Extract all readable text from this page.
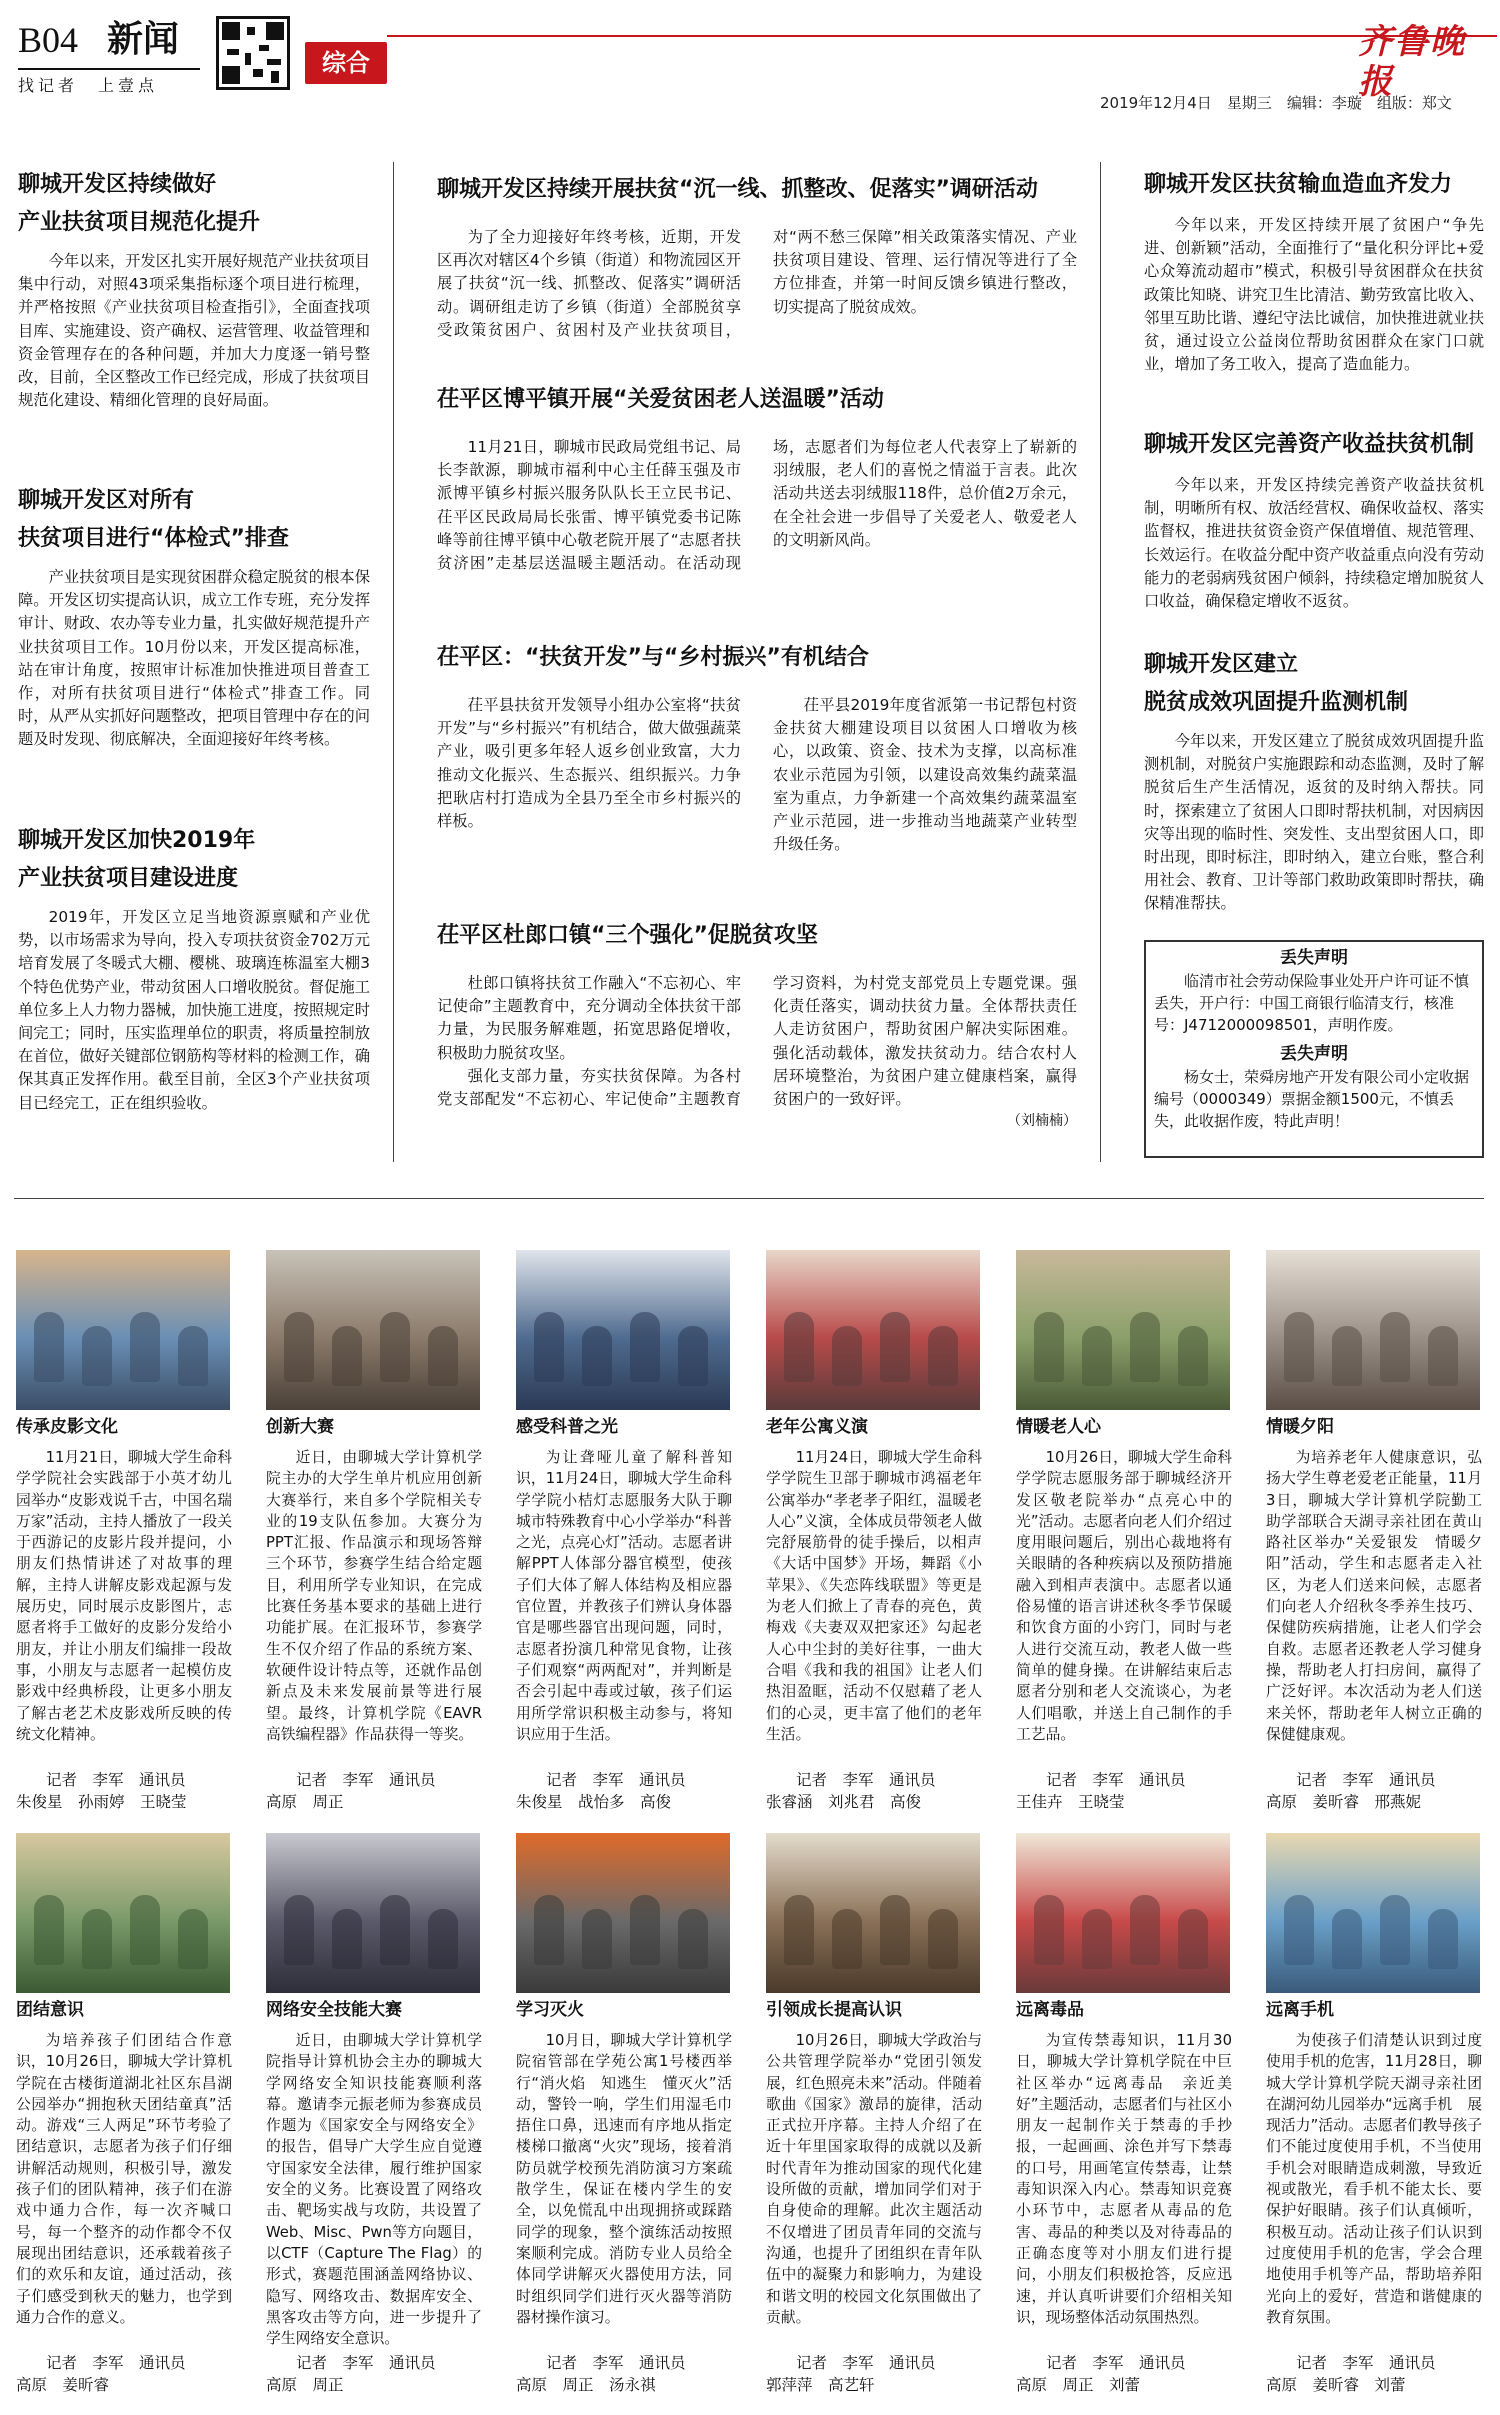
B04 新闻
找记者　上壹点
综合
齐鲁晚报
2019年12月4日　 星期三　 编辑：李璇　 组版：郑文
聊城开发区持续做好
产业扶贫项目规范化提升
今年以来，开发区扎实开展好规范产业扶贫项目集中行动，对照43项采集指标逐个项目进行梳理，并严格按照《产业扶贫项目检查指引》，全面查找项目库、实施建设、资产确权、运营管理、收益管理和资金管理存在的各种问题，并加大力度逐一销号整改，目前，全区整改工作已经完成，形成了扶贫项目规范化建设、精细化管理的良好局面。
聊城开发区对所有
扶贫项目进行“体检式”排查
产业扶贫项目是实现贫困群众稳定脱贫的根本保障。开发区切实提高认识，成立工作专班，充分发挥审计、财政、农办等专业力量，扎实做好规范提升产业扶贫项目工作。10月份以来，开发区提高标准，站在审计角度，按照审计标准加快推进项目普查工作，对所有扶贫项目进行“体检式”排查工作。同时，从严从实抓好问题整改，把项目管理中存在的问题及时发现、彻底解决，全面迎接好年终考核。
聊城开发区加快2019年
产业扶贫项目建设进度
2019年，开发区立足当地资源禀赋和产业优势，以市场需求为导向，投入专项扶贫资金702万元培育发展了冬暖式大棚、樱桃、玻璃连栋温室大棚3个特色优势产业，带动贫困人口增收脱贫。督促施工单位多上人力物力器械，加快施工进度，按照规定时间完工；同时，压实监理单位的职责，将质量控制放在首位，做好关键部位钢筋构等材料的检测工作，确保其真正发挥作用。截至目前，全区3个产业扶贫项目已经完工，正在组织验收。
聊城开发区持续开展扶贫“沉一线、抓整改、促落实”调研活动
为了全力迎接好年终考核，近期，开发区再次对辖区4个乡镇（街道）和物流园区开展了扶贫“沉一线、抓整改、促落实”调研活动。调研组走访了乡镇（街道）全部脱贫享受政策贫困户、贫困村及产业扶贫项目，对“两不愁三保障”相关政策落实情况、产业扶贫项目建设、管理、运行情况等进行了全方位排查，并第一时间反馈乡镇进行整改，切实提高了脱贫成效。
茌平区博平镇开展“关爱贫困老人送温暖”活动
11月21日，聊城市民政局党组书记、局长李歆源，聊城市福利中心主任薛玉强及市派博平镇乡村振兴服务队队长王立民书记、茌平区民政局局长张雷、博平镇党委书记陈峰等前往博平镇中心敬老院开展了“志愿者扶贫济困”走基层送温暖主题活动。在活动现场，志愿者们为每位老人代表穿上了崭新的羽绒服，老人们的喜悦之情溢于言表。此次活动共送去羽绒服118件，总价值2万余元，在全社会进一步倡导了关爱老人、敬爱老人的文明新风尚。
茌平区：“扶贫开发”与“乡村振兴”有机结合

茌平县扶贫开发领导小组办公室将“扶贫开发”与“乡村振兴”有机结合，做大做强蔬菜产业，吸引更多年轻人返乡创业致富，大力推动文化振兴、生态振兴、组织振兴。力争把耿店村打造成为全县乃至全市乡村振兴的样板。

茌平县2019年度省派第一书记帮包村资金扶贫大棚建设项目以贫困人口增收为核心，以政策、资金、技术为支撑，以高标准农业示范园为引领，以建设高效集约蔬菜温室为重点，力争新建一个高效集约蔬菜温室产业示范园，进一步推动当地蔬菜产业转型升级任务。

茌平区杜郎口镇“三个强化”促脱贫攻坚

杜郎口镇将扶贫工作融入“不忘初心、牢记使命”主题教育中，充分调动全体扶贫干部力量，为民服务解难题，拓宽思路促增收，积极助力脱贫攻坚。

强化支部力量，夯实扶贫保障。为各村党支部配发“不忘初心、牢记使命”主题教育学习资料，为村党支部党员上专题党课。强化责任落实，调动扶贫力量。全体帮扶责任人走访贫困户，帮助贫困户解决实际困难。强化活动载体，激发扶贫动力。结合农村人居环境整治，为贫困户建立健康档案，赢得贫困户的一致好评。

（刘楠楠）

聊城开发区扶贫输血造血齐发力
今年以来，开发区持续开展了贫困户“争先进、创新颖”活动，全面推行了“量化积分评比+爱心众筹流动超市”模式，积极引导贫困群众在扶贫政策比知晓、讲究卫生比清洁、勤劳致富比收入、邻里互助比谐、遵纪守法比诚信，加快推进就业扶贫，通过设立公益岗位帮助贫困群众在家门口就业，增加了务工收入，提高了造血能力。
聊城开发区完善资产收益扶贫机制
今年以来，开发区持续完善资产收益扶贫机制，明晰所有权、放活经营权、确保收益权、落实监督权，推进扶贫资金资产保值增值、规范管理、长效运行。在收益分配中资产收益重点向没有劳动能力的老弱病残贫困户倾斜，持续稳定增加脱贫人口收益，确保稳定增收不返贫。
聊城开发区建立
脱贫成效巩固提升监测机制
今年以来，开发区建立了脱贫成效巩固提升监测机制，对脱贫户实施跟踪和动态监测，及时了解脱贫后生产生活情况，返贫的及时纳入帮扶。同时，探索建立了贫困人口即时帮扶机制，对因病因灾等出现的临时性、突发性、支出型贫困人口，即时出现，即时标注，即时纳入，建立台账，整合利用社会、教育、卫计等部门救助政策即时帮扶，确保精准帮扶。
丢失声明
临清市社会劳动保险事业处开户许可证不慎丢失，开户行：中国工商银行临清支行，核准号：J4712000098501，声明作废。
丢失声明
杨女士，荣舜房地产开发有限公司小定收据编号（0000349）票据金额1500元，不慎丢失，此收据作废，特此声明！
传承皮影文化
11月21日，聊城大学生命科学学院社会实践部于小英才幼儿园举办“皮影戏说千古，中国名瑞万家”活动，主持人播放了一段关于西游记的皮影片段并提问，小朋友们热情讲述了对故事的理解，主持人讲解皮影戏起源与发展历史，同时展示皮影图片，志愿者将手工做好的皮影分发给小朋友，并让小朋友们编排一段故事，小朋友与志愿者一起模仿皮影戏中经典桥段，让更多小朋友了解古老艺术皮影戏所反映的传统文化精神。
记者　李军　通讯员
朱俊星　孙雨婷　王晓莹
创新大赛
近日，由聊城大学计算机学院主办的大学生单片机应用创新大赛举行，来自多个学院相关专业的19支队伍参加。大赛分为PPT汇报、作品演示和现场答辩三个环节，参赛学生结合给定题目，利用所学专业知识，在完成比赛任务基本要求的基础上进行功能扩展。在汇报环节，参赛学生不仅介绍了作品的系统方案、软硬件设计特点等，还就作品创新点及未来发展前景等进行展望。最终，计算机学院《EAVR高铁编程器》作品获得一等奖。
记者　李军　通讯员
高原　周正
感受科普之光
为让聋哑儿童了解科普知识，11月24日，聊城大学生命科学学院小桔灯志愿服务大队于聊城市特殊教育中心小学举办“科普之光，点亮心灯”活动。志愿者讲解PPT人体部分器官模型，使孩子们大体了解人体结构及相应器官位置，并教孩子们辨认身体器官是哪些器官出现问题，同时，志愿者扮演几种常见食物，让孩子们观察“两两配对”，并判断是否会引起中毒或过敏，孩子们运用所学常识积极主动参与，将知识应用于生活。
记者　李军　通讯员
朱俊星　战怡多　高俊
老年公寓义演
11月24日，聊城大学生命科学学院生卫部于聊城市鸿福老年公寓举办“孝老孝子阳红，温暖老人心”义演，全体成员带领老人做完舒展筋骨的徒手操后，以相声《大话中国梦》开场，舞蹈《小苹果》、《失恋阵线联盟》等更是为老人们掀上了青春的亮色，黄梅戏《夫妻双双把家还》勾起老人心中尘封的美好往事，一曲大合唱《我和我的祖国》让老人们热泪盈眶，活动不仅慰藉了老人们的心灵，更丰富了他们的老年生活。
记者　李军　通讯员
张睿涵　刘兆君　高俊
情暖老人心
10月26日，聊城大学生命科学学院志愿服务部于聊城经济开发区敬老院举办“点亮心中的光”活动。志愿者向老人们介绍过度用眼问题后，别出心裁地将有关眼睛的各种疾病以及预防措施融入到相声表演中。志愿者以通俗易懂的语言讲述秋冬季节保暖和饮食方面的小窍门，同时与老人进行交流互动，教老人做一些简单的健身操。在讲解结束后志愿者分别和老人交流谈心，为老人们唱歌，并送上自己制作的手工艺品。
记者　李军　通讯员
王佳卉　王晓莹
情暖夕阳
为培养老年人健康意识，弘扬大学生尊老爱老正能量，11月3日，聊城大学计算机学院勤工助学部联合天湖寻亲社团在黄山路社区举办“关爱银发　情暖夕阳”活动，学生和志愿者走入社区，为老人们送来问候，志愿者们向老人介绍秋冬季养生技巧、保健防疾病措施，让老人们学会自救。志愿者还教老人学习健身操，帮助老人打扫房间，赢得了广泛好评。本次活动为老人们送来关怀，帮助老年人树立正确的保健健康观。
记者　李军　通讯员
高原　姜昕睿　邢燕妮
团结意识
为培养孩子们团结合作意识，10月26日，聊城大学计算机学院在古楼街道湖北社区东昌湖公园举办“拥抱秋天团结童真”活动。游戏“三人两足”环节考验了团结意识，志愿者为孩子们仔细讲解活动规则，积极引导，激发孩子们的团队精神，孩子们在游戏中通力合作，每一次齐喊口号，每一个整齐的动作都令不仅展现出团结意识，还承载着孩子们的欢乐和友谊，通过活动，孩子们感受到秋天的魅力，也学到通力合作的意义。
记者　李军　通讯员
高原　姜昕睿
网络安全技能大赛
近日，由聊城大学计算机学院指导计算机协会主办的聊城大学网络安全知识技能赛顺利落幕。邀请李元振老师为参赛成员作题为《国家安全与网络安全》的报告，倡导广大学生应自觉遵守国家安全法律，履行维护国家安全的义务。比赛设置了网络攻击、靶场实战与攻防，共设置了Web、Misc、Pwn等方向题目，以CTF（Capture The Flag）的形式，赛题范围涵盖网络协议、隐写、网络攻击、数据库安全、黑客攻击等方向，进一步提升了学生网络安全意识。
记者　李军　通讯员
高原　周正
学习灭火
10月日，聊城大学计算机学院宿管部在学苑公寓1号楼西举行“消火焰　知逃生　懂灭火”活动，警铃一响，学生们用湿毛巾捂住口鼻，迅速而有序地从指定楼梯口撤离“火灾”现场，接着消防员就学校预先消防演习方案疏散学生，保证在楼内学生的安全，以免慌乱中出现拥挤或踩踏同学的现象，整个演练活动按照案顺利完成。消防专业人员给全体同学讲解灭火器使用方法，同时组织同学们进行灭火器等消防器材操作演习。
记者　李军　通讯员
高原　周正　汤永祺
引领成长提高认识
10月26日，聊城大学政治与公共管理学院举办“党团引领发展，红色照亮未来”活动。伴随着歌曲《国家》激昂的旋律，活动正式拉开序幕。主持人介绍了在近十年里国家取得的成就以及新时代青年为推动国家的现代化建设所做的贡献，增加同学们对于自身使命的理解。此次主题活动不仅增进了团员青年同的交流与沟通，也提升了团组织在青年队伍中的凝聚力和影响力，为建设和谐文明的校园文化氛围做出了贡献。
记者　李军　通讯员
郭萍萍　高艺轩
远离毒品
为宣传禁毒知识，11月30日，聊城大学计算机学院在中巨社区举办“远离毒品　亲近美好”主题活动，志愿者们与社区小朋友一起制作关于禁毒的手抄报，一起画画、涂色并写下禁毒的口号，用画笔宣传禁毒，让禁毒知识深入内心。禁毒知识竞赛小环节中，志愿者从毒品的危害、毒品的种类以及对待毒品的正确态度等对小朋友们进行提问，小朋友们积极抢答，反应迅速，并认真听讲要们介绍相关知识，现场整体活动氛围热烈。
记者　李军　通讯员
高原　周正　刘蕾
远离手机
为使孩子们清楚认识到过度使用手机的危害，11月28日，聊城大学计算机学院天湖寻亲社团在湖河幼儿园举办“远离手机　展现活力”活动。志愿者们教导孩子们不能过度使用手机，不当使用手机会对眼睛造成刺激，导致近视或散光，看手机不能太长、要保护好眼睛。孩子们认真倾听，积极互动。活动让孩子们认识到过度使用手机的危害，学会合理地使用手机等产品，帮助培养阳光向上的爱好，营造和谐健康的教育氛围。
记者　李军　通讯员
高原　姜昕睿　刘蕾
